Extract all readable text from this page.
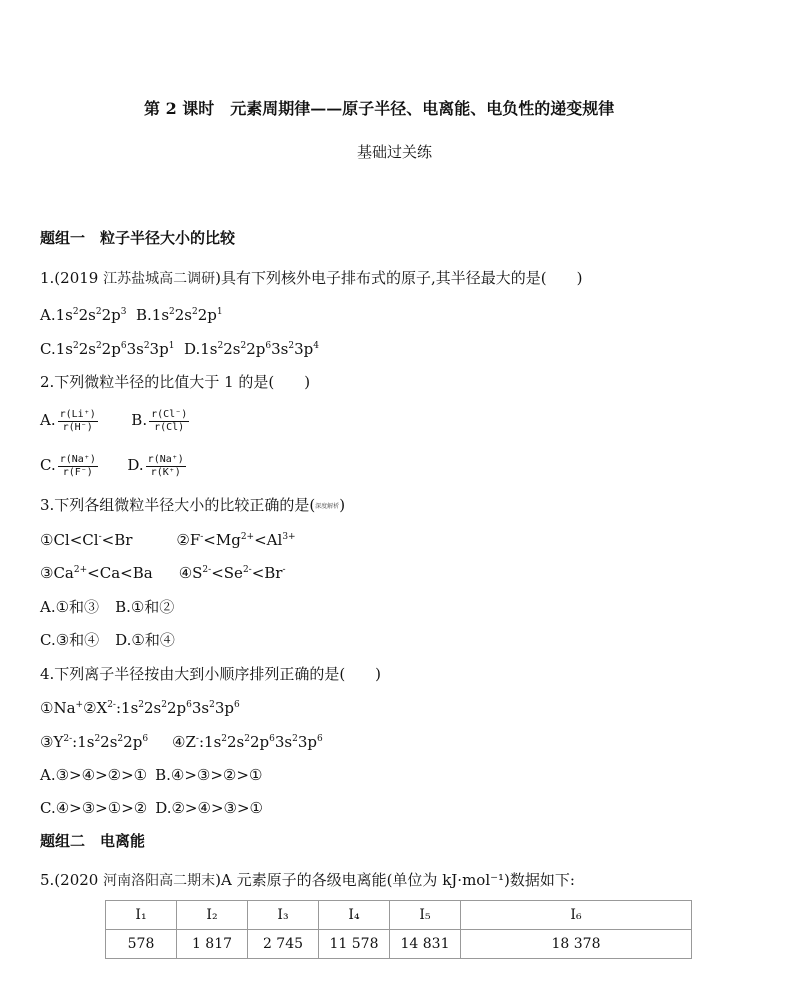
第 2 课时　元素周期律——原子半径、电离能、电负性的递变规律
基础过关练
题组一　粒子半径大小的比较
1.(2019 江苏盐城高二调研)具有下列核外电子排布式的原子,其半径最大的是(　　)
$A.1s^22s^22p^3$  $B.1s^22s^22p^1$
$C.1s^22s^22p^63s^23p^1$  $D.1s^22s^22p^63s^23p^4$
2.下列微粒半径的比值大于 1 的是(　　)
A. $\frac{r(Li^+)}{r(H^-)} B$. $\frac{r(Cl^-)}{r(Cl)}$
C. $\frac{r(Na^+)}{r(F^-)} D$. $\frac{r(Na^+)}{r(K^+)}$
3.下列各组微粒半径大小的比较正确的是(深度解析)
①Cl<Cl-<Br	$②F^-<Mg^{2+}<Al^{3+}$
$③Ca^{2+}<Ca<Ba$ $④S^{2-}<Se^{2-}<Br^-$
A.①和③ B.①和②
C.③和④ D.①和④
4.下列离子半径按由大到小顺序排列正确的是(　　)
$①Na^+②X^{2-}:1s^22s^22p^63s^23p^6$
$③Y^{2-}:1s^22s^22p^6$ $④Z^-:1s^22s^22p^63s^23p^6$
A.③>④>②>① B.④>③>②>①
C.④>③>①>② D.②>④>③>①
题组二　电离能
5.(2020 河南洛阳高二期末)A 元素原子的各级电离能(单位为 kJ·mol⁻¹)数据如下:
I₁	I₂	I₃	I₄	I₅	I₆
578	1 817	2 745	11 578	14 831	18 378
